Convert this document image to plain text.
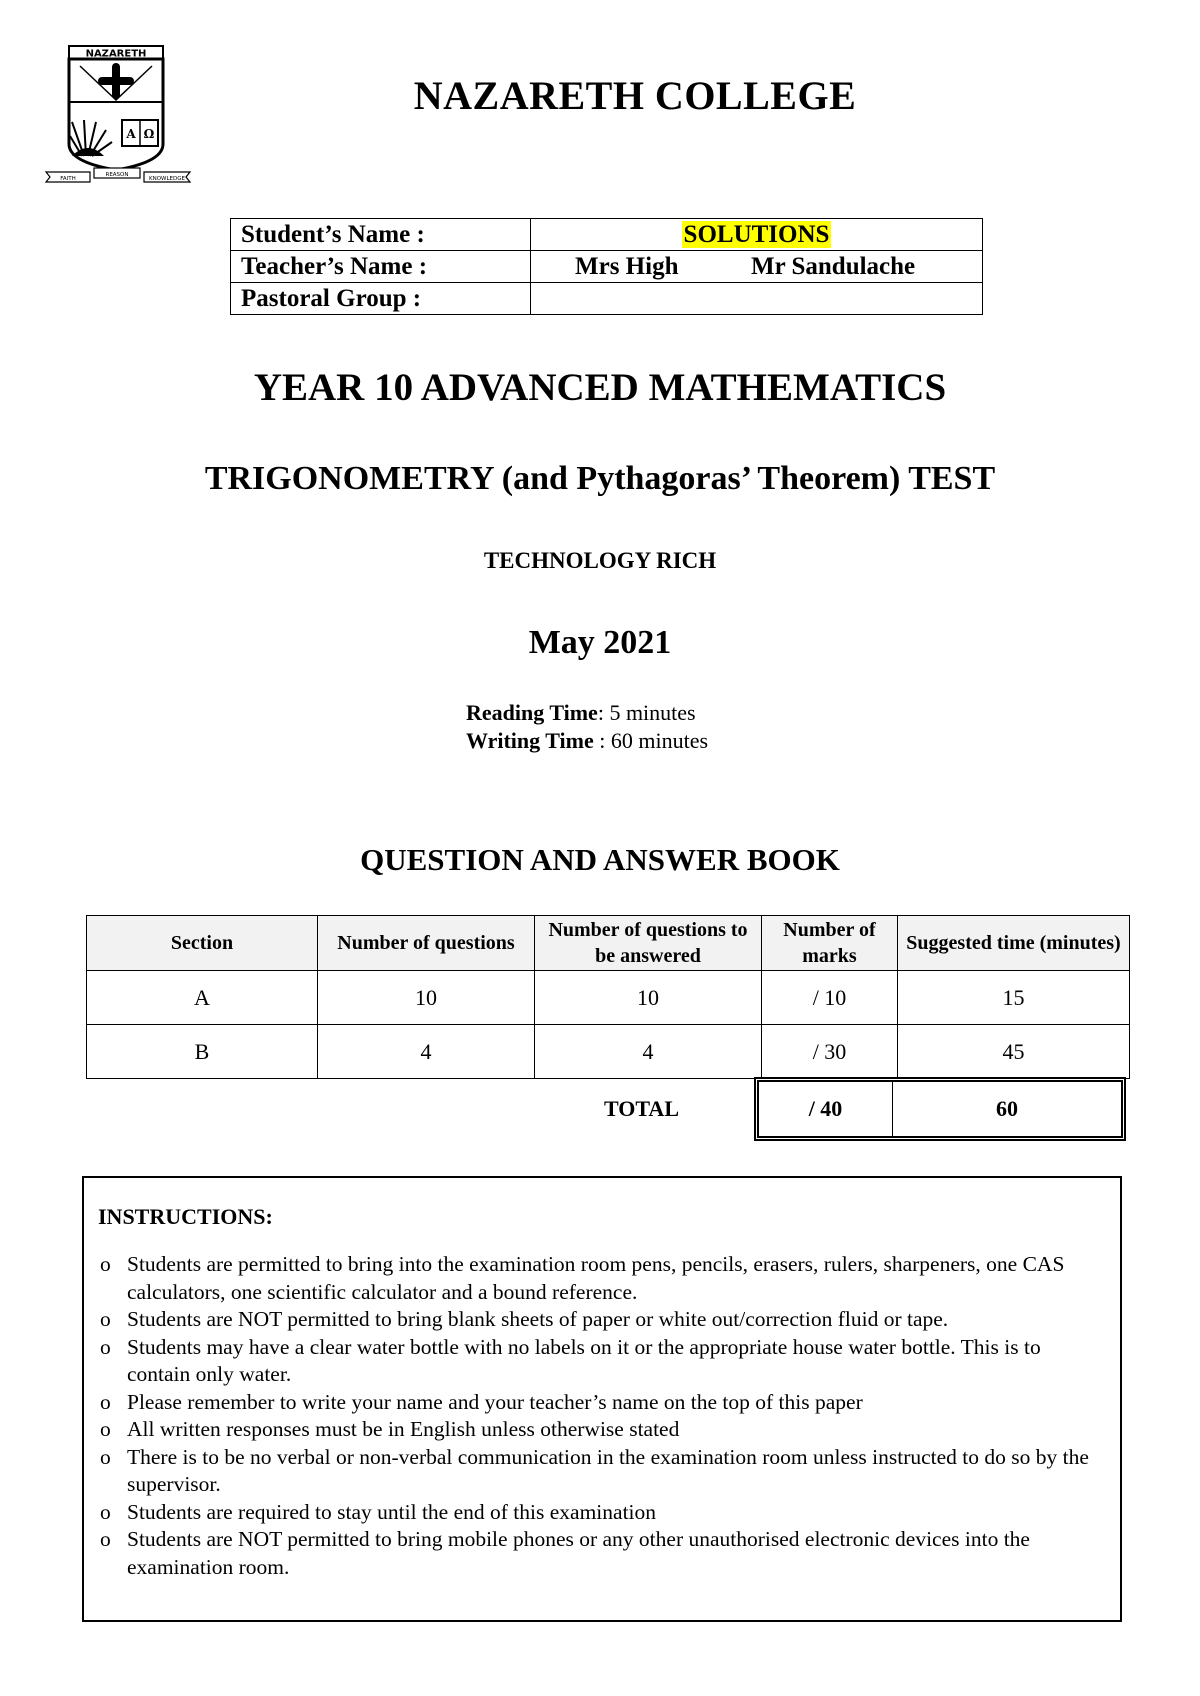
NAZARETH
A Ω
FAITH
REASON
KNOWLEDGE
NAZARETH COLLEGE
Student’s Name :	SOLUTIONS
Teacher’s Name :	Mrs High Mr Sandulache

Pastoral Group :	
YEAR 10 ADVANCED MATHEMATICS
TRIGONOMETRY (and Pythagoras’ Theorem) TEST
TECHNOLOGY RICH
May 2021
Reading Time: 5 minutes
Writing Time : 60 minutes
QUESTION AND ANSWER BOOK
Section	Number of questions	Number of questions to be answered	Number of marks	Suggested time (minutes)
A	10	10	/ 10	15
B	4	4	/ 30	45
TOTAL	/ 40	60
INSTRUCTIONS:
o Students are permitted to bring into the examination room pens, pencils, erasers, rulers, sharpeners, one CAS calculators, one scientific calculator and a bound reference.
o Students are NOT permitted to bring blank sheets of paper or white out/correction fluid or tape.
o Students may have a clear water bottle with no labels on it or the appropriate house water bottle. This is to contain only water.
o Please remember to write your name and your teacher’s name on the top of this paper
o All written responses must be in English unless otherwise stated
o There is to be no verbal or non-verbal communication in the examination room unless instructed to do so by the supervisor.
o Students are required to stay until the end of this examination
o Students are NOT permitted to bring mobile phones or any other unauthorised electronic devices into the examination room.
